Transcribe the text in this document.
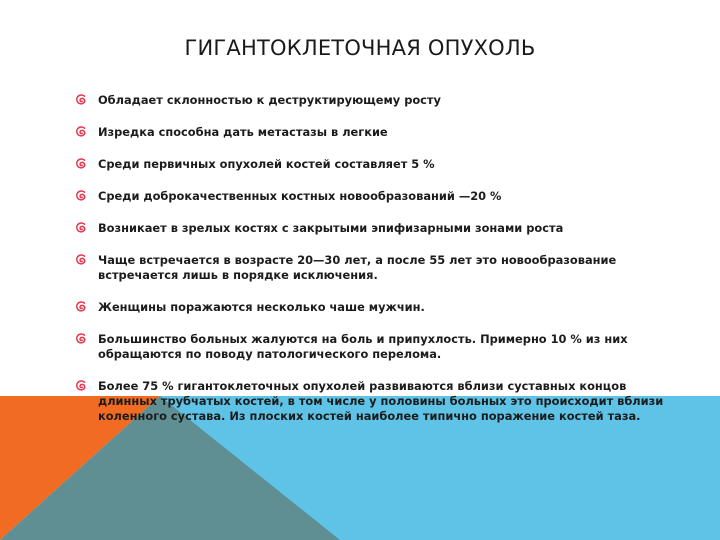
ГИГАНТОКЛЕТОЧНАЯ ОПУХОЛЬ
Обладает склонностью к деструктирующему росту
Изредка способна дать метастазы в легкие
Среди первичных опухолей костей составляет 5 %
Среди доброкачественных костных новообразований —20 %
Возникает в зрелых костях с закрытыми эпифизарными зонами роста
Чаще встречается в возрасте 20—30 лет, а после 55 лет это новообразование встречается лишь в порядке исключения.
Женщины поражаются несколько чаше мужчин.
Большинство больных жалуются на боль и припухлость. Примерно 10 % из них обращаются по поводу патологического перелома.
Более 75 % гигантоклеточных опухолей развиваются вблизи суставных концов длинных трубчатых костей, в том числе у половины больных это происходит вблизи коленного сустава. Из плоских костей наиболее типично поражение костей таза.
